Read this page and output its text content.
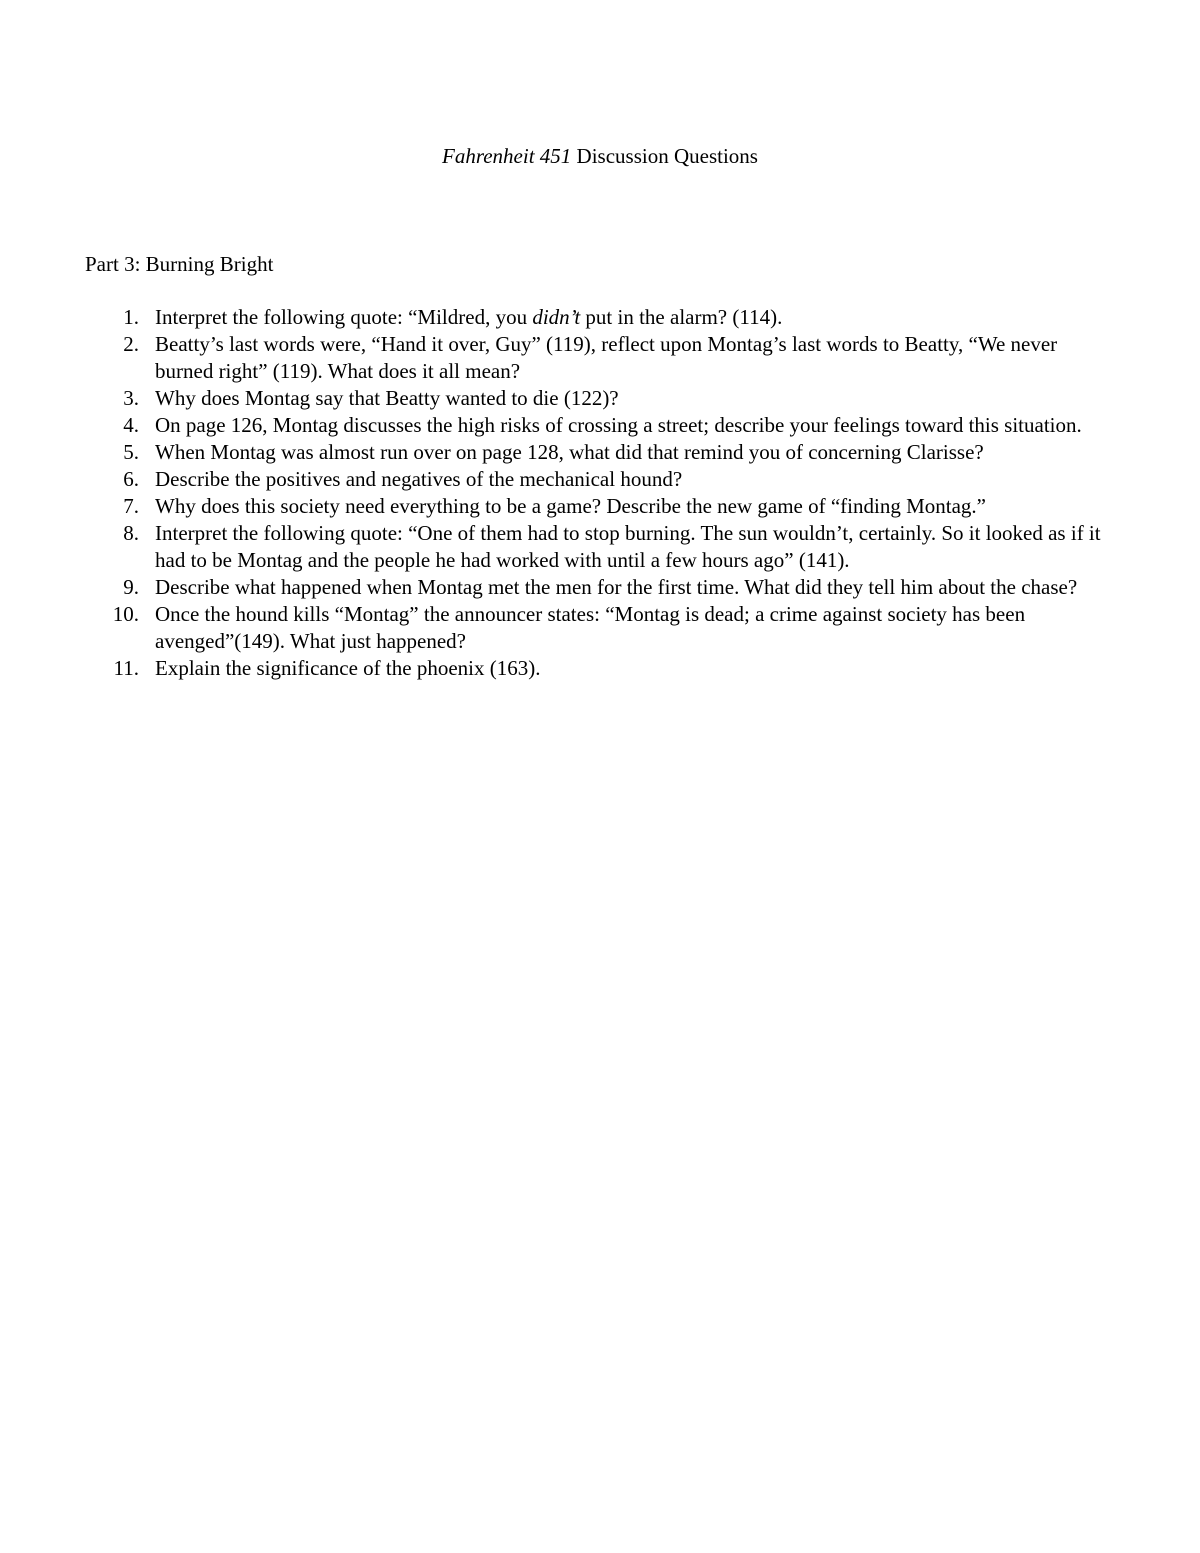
Fahrenheit 451 Discussion Questions
Part 3: Burning Bright
1. Interpret the following quote: “Mildred, you didn’t put in the alarm? (114).
2. Beatty’s last words were, “Hand it over, Guy” (119), reflect upon Montag’s last words to Beatty, “We never burned right” (119). What does it all mean?
3. Why does Montag say that Beatty wanted to die (122)?
4. On page 126, Montag discusses the high risks of crossing a street; describe your feelings toward this situation.
5. When Montag was almost run over on page 128, what did that remind you of concerning Clarisse?
6. Describe the positives and negatives of the mechanical hound?
7. Why does this society need everything to be a game? Describe the new game of “finding Montag.”
8. Interpret the following quote: “One of them had to stop burning. The sun wouldn’t, certainly. So it looked as if it had to be Montag and the people he had worked with until a few hours ago” (141).
9. Describe what happened when Montag met the men for the first time. What did they tell him about the chase?
10. Once the hound kills “Montag” the announcer states: “Montag is dead; a crime against society has been avenged”(149). What just happened?
11. Explain the significance of the phoenix (163).
